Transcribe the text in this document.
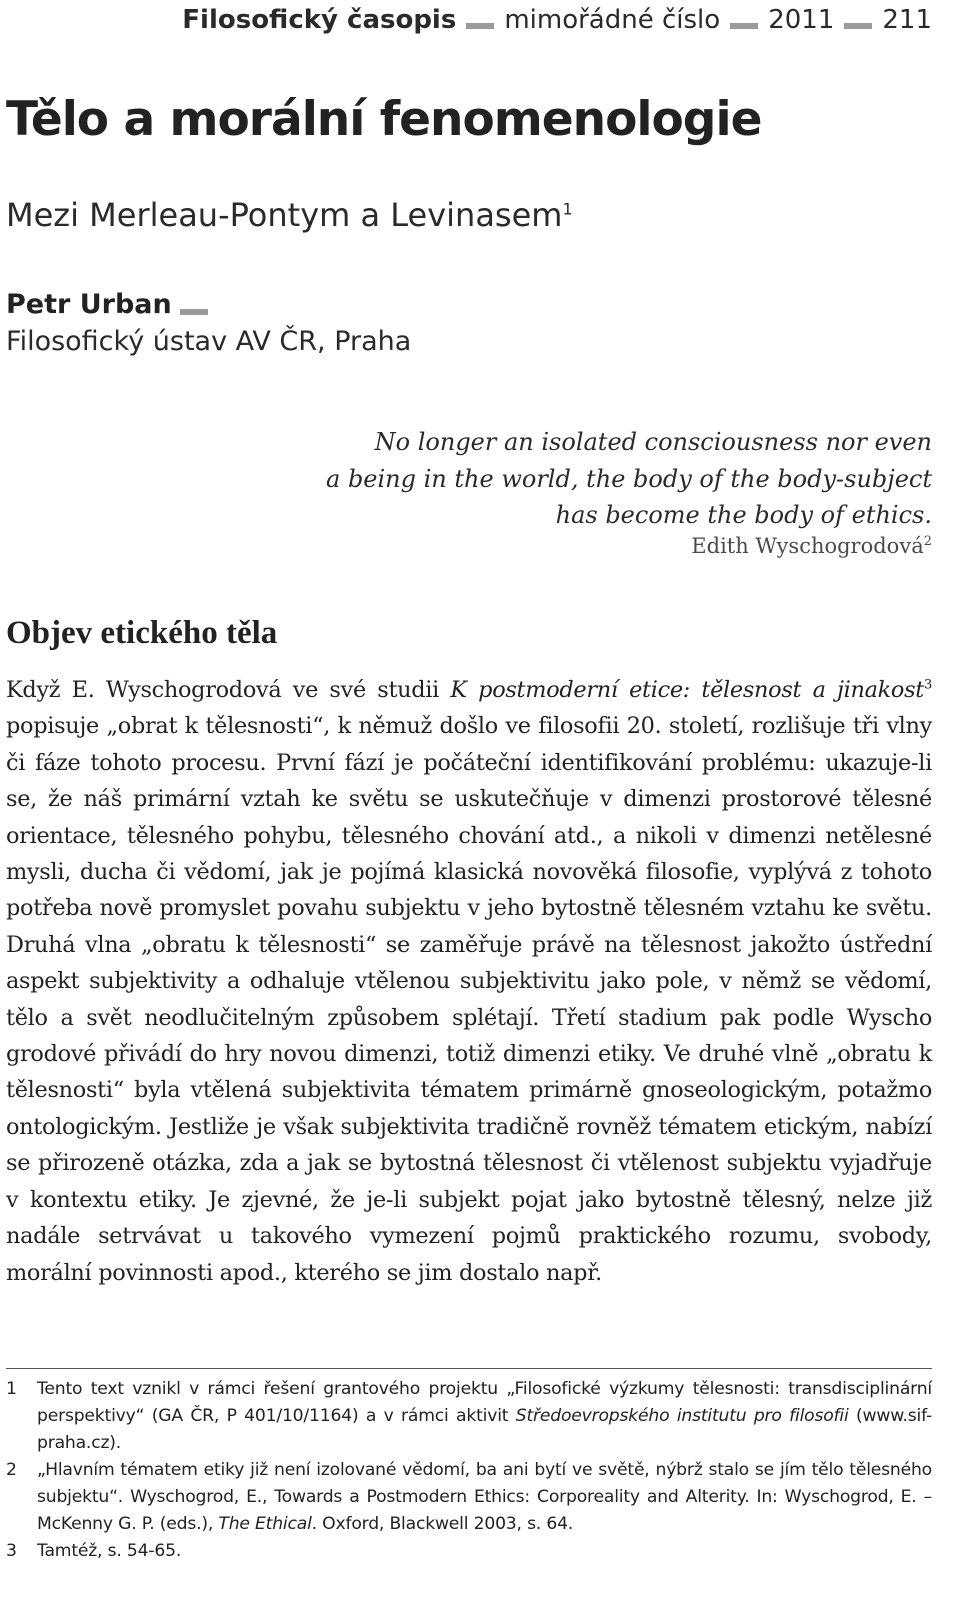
Filosofický časopis mimořádné číslo 2011 211
Tělo a morální fenomenologie
Mezi Merleau-Pontym a Levinasem$^1$
Petr Urban
Filosofický ústav AV ČR, Praha
No longer an isolated consciousness nor even
a being in the world, the body of the body-subject
has become the body of ethics.
Edith Wyschogrodová$^2$
Objev etického těla

Když E. Wyschogrodová ve své studii K postmoderní etice: tělesnost a jinakost$^3$ popisuje „obrat k tělesnosti“, k němuž došlo ve filosofii 20. století, rozlišuje tři vlny či fáze tohoto procesu. První fází je počáteční identifikování problému: ukazuje-li se, že náš primární vztah ke světu se uskutečňuje v dimenzi prostorové tělesné orientace, tělesného pohybu, tělesného chování atd., a nikoli v dimenzi netělesné mysli, ducha či vědomí, jak je pojímá klasická novověká filosofie, vyplývá z tohoto potřeba nově promyslet povahu subjektu v jeho bytostně tělesném vztahu ke světu. Druhá vlna „obratu k tělesnosti“ se zaměřuje právě na tělesnost jakožto ústřední aspekt subjektivity a odhaluje vtělenou subjektivitu jako pole, v němž se vědomí, tělo a svět neodlučitelným způsobem splétají. Třetí stadium pak podle Wyscho grodové přivádí do hry novou dimenzi, totiž dimenzi etiky. Ve druhé vlně „obratu k tělesnosti“ byla vtělená subjektivita tématem primárně gnoseologickým, potažmo ontologickým. Jestliže je však subjektivita tradičně rovněž tématem etickým, nabízí se přirozeně otázka, zda a jak se bytostná tělesnost či vtělenost subjektu vyjadřuje v kontextu etiky. Je zjevné, že je-li subjekt pojat jako bytostně tělesný, nelze již nadále setrvávat u takového vymezení pojmů praktického rozumu, svobody, morální povinnosti apod., kterého se jim dostalo např.

1	Tento text vznikl v rámci řešení grantového projektu „Filosofické výzkumy tělesnosti: transdisciplinární perspektivy“ (GA ČR, P 401/10/1164) a v rámci aktivit Středoevropského institutu pro filosofii (www.sif-praha.cz).
2	„Hlavním tématem etiky již není izolované vědomí, ba ani bytí ve světě, nýbrž stalo se jím tělo tělesného subjektu“. Wyschogrod, E., Towards a Postmodern Ethics: Corporeality and Alterity. In: Wyschogrod, E. – McKenny G. P. (eds.), The Ethical. Oxford, Blackwell 2003, s. 64.
3	Tamtéž, s. 54-65.
